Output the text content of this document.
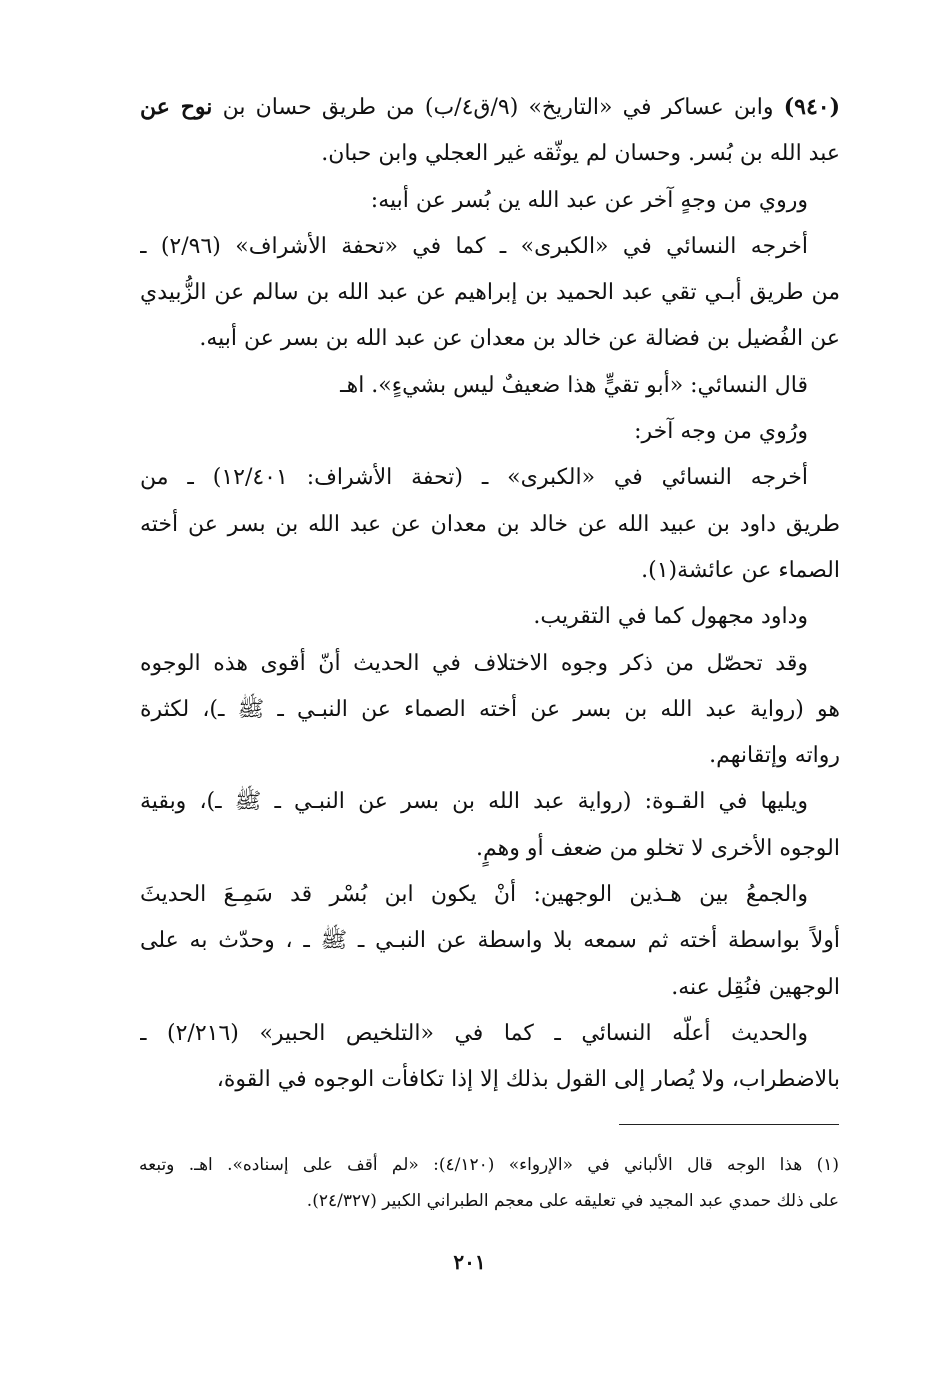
(٩٤٠) وابن عساكر في «التاريخ» (٩/ق٤/ب) من طريق حسان بن نوح عن
عبد الله بن بُسر. وحسان لم يوثّقه غير العجلي وابن حبان.

وروي من وجهٍ آخر عن عبد الله ين بُسر عن أبيه:

أخرجه النسائي في «الكبرى» ـ كما في «تحفة الأشراف» (٢/٩٦) ـ
من طريق أبـي تقي عبد الحميد بن إبراهيم عن عبد الله بن سالم عن الزُّبيدي
عن الفُضيل بن فضالة عن خالد بن معدان عن عبد الله بن بسر عن أبيه.

قال النسائي: «أبو تقيٍّ هذا ضعيفٌ ليس بشيءٍ». اهـ

ورُوي من وجه آخر:

أخرجه النسائي في «الكبرى» ـ (تحفة الأشراف: ١٢/٤٠١) ـ من
طريق داود بن عبيد الله عن خالد بن معدان عن عبد الله بن بسر عن أخته
الصماء عن عائشة(١).

وداود مجهول كما في التقريب.

وقد تحصّل من ذكر وجوه الاختلاف في الحديث أنّ أقوى هذه الوجوه
هو (رواية عبد الله بن بسر عن أخته الصماء عن النبـي ـ ﷺ ـ)، لكثرة
رواته وإتقانهم.

ويليها في القـوة: (رواية عبد الله بن بسر عن النبـي ـ ﷺ ـ)، وبقية
الوجوه الأخرى لا تخلو من ضعف أو وهمٍ.

والجمعُ بين هـذين الوجهين: أنْ يكون ابن بُسْر قد سَمِـعَ الحديثَ
أولاً بواسطة أخته ثم سمعه بلا واسطة عن النبـي ـ ﷺ ـ ، وحدّث به على
الوجهين فنُقِل عنه.

والحديث أعلّه النسائي ـ كما في «التلخيص الحبير» (٢/٢١٦) ـ
بالاضطراب، ولا يُصار إلى القول بذلك إلا إذا تكافأت الوجوه في القوة،

(١) هذا الوجه قال الألباني في «الإرواء» (٤/١٢٠): «لم أقف على إسناده». اهـ. وتبعه
على ذلك حمدي عبد المجيد في تعليقه على معجم الطبراني الكبير (٢٤/٣٢٧).
٢٠١
